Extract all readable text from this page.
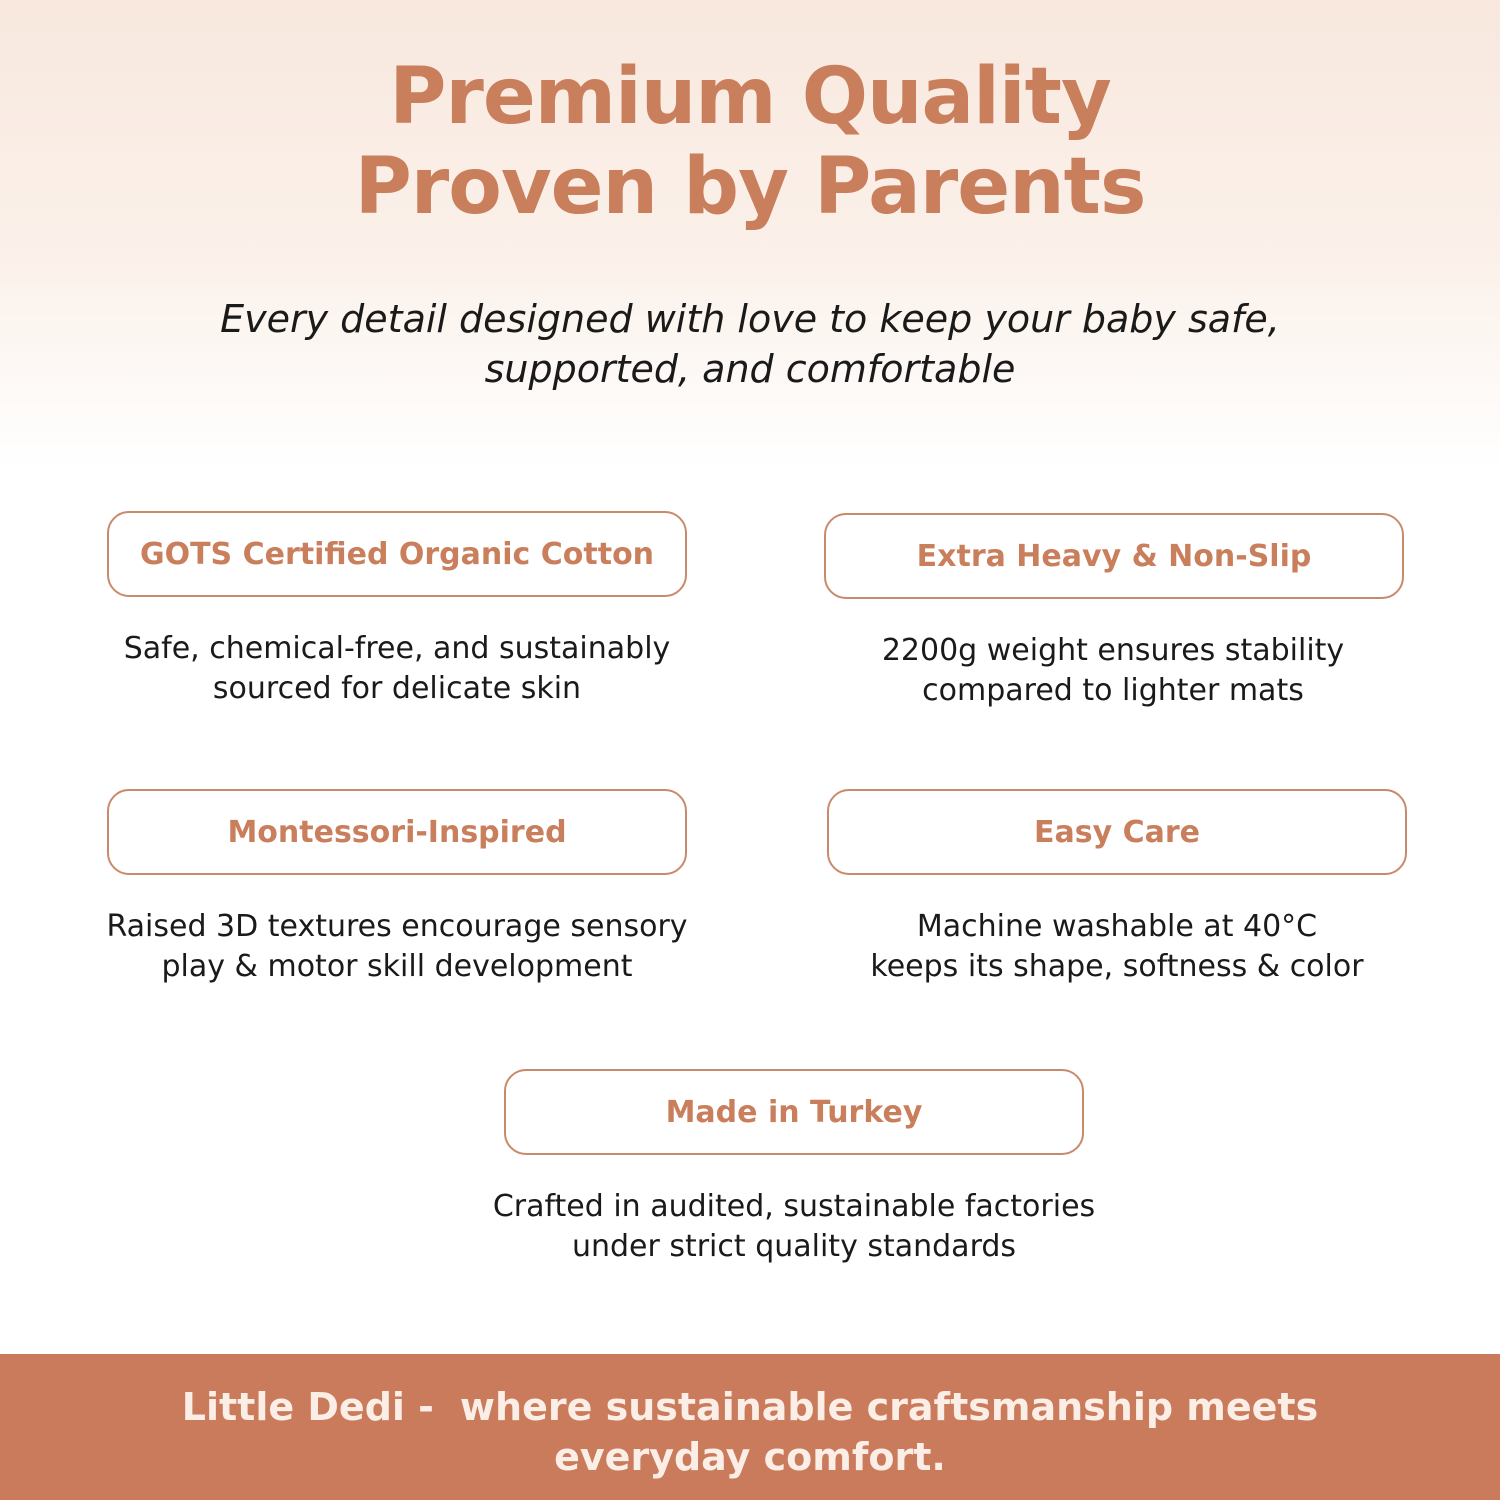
Premium Quality
Proven by Parents

Every detail designed with love to keep your baby safe,
supported, and comfortable

GOTS Certified Organic Cotton
Safe, chemical-free, and sustainably
sourced for delicate skin
Extra Heavy & Non-Slip
2200g weight ensures stability
compared to lighter mats
Montessori-Inspired
Raised 3D textures encourage sensory
play & motor skill development
Easy Care
Machine washable at 40°C
keeps its shape, softness & color
Made in Turkey
Crafted in audited, sustainable factories
under strict quality standards
Little Dedi - where sustainable craftsmanship meets
everyday comfort.
